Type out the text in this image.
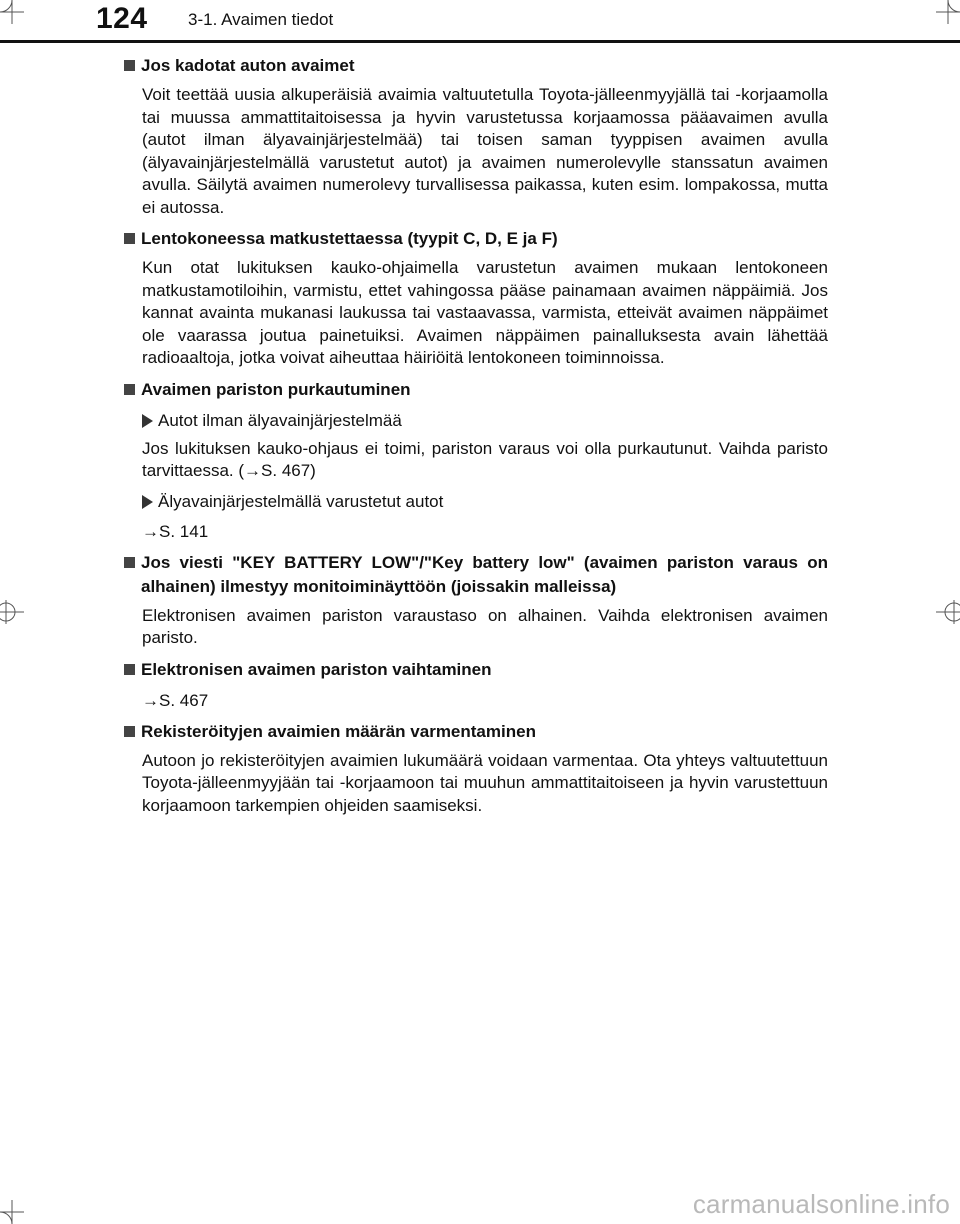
124 3-1. Avaimen tiedot
Jos kadotat auton avaimet
Voit teettää uusia alkuperäisiä avaimia valtuutetulla Toyota-jälleenmyyjällä tai -korjaamolla tai muussa ammattitaitoisessa ja hyvin varustetussa korjaamossa pääavaimen avulla (autot ilman älyavainjärjestelmää) tai toisen saman tyyppisen avaimen avulla (älyavainjärjestelmällä varustetut autot) ja avaimen numerolevylle stanssatun avaimen avulla. Säilytä avaimen numerolevy turvallisessa paikassa, kuten esim. lompakossa, mutta ei autossa.
Lentokoneessa matkustettaessa (tyypit C, D, E ja F)
Kun otat lukituksen kauko-ohjaimella varustetun avaimen mukaan lentokoneen matkustamotiloihin, varmistu, ettet vahingossa pääse painamaan avaimen näppäimiä. Jos kannat avainta mukanasi laukussa tai vastaavassa, varmista, etteivät avaimen näppäimet ole vaarassa joutua painetuiksi. Avaimen näppäimen painalluksesta avain lähettää radioaaltoja, jotka voivat aiheuttaa häiriöitä lentokoneen toiminnoissa.
Avaimen pariston purkautuminen
Autot ilman älyavainjärjestelmää
Jos lukituksen kauko-ohjaus ei toimi, pariston varaus voi olla purkautunut. Vaihda paristo tarvittaessa. (→S. 467)
Älyavainjärjestelmällä varustetut autot
→S. 141
Jos viesti "KEY BATTERY LOW"/"Key battery low" (avaimen pariston varaus on alhainen) ilmestyy monitoiminäyttöön (joissakin malleissa)
Elektronisen avaimen pariston varaustaso on alhainen. Vaihda elektronisen avaimen paristo.
Elektronisen avaimen pariston vaihtaminen
→S. 467
Rekisteröityjen avaimien määrän varmentaminen
Autoon jo rekisteröityjen avaimien lukumäärä voidaan varmentaa. Ota yhteys valtuutettuun Toyota-jälleenmyyjään tai -korjaamoon tai muuhun ammattitaitoiseen ja hyvin varustettuun korjaamoon tarkempien ohjeiden saamiseksi.
carmanualsonline.info
